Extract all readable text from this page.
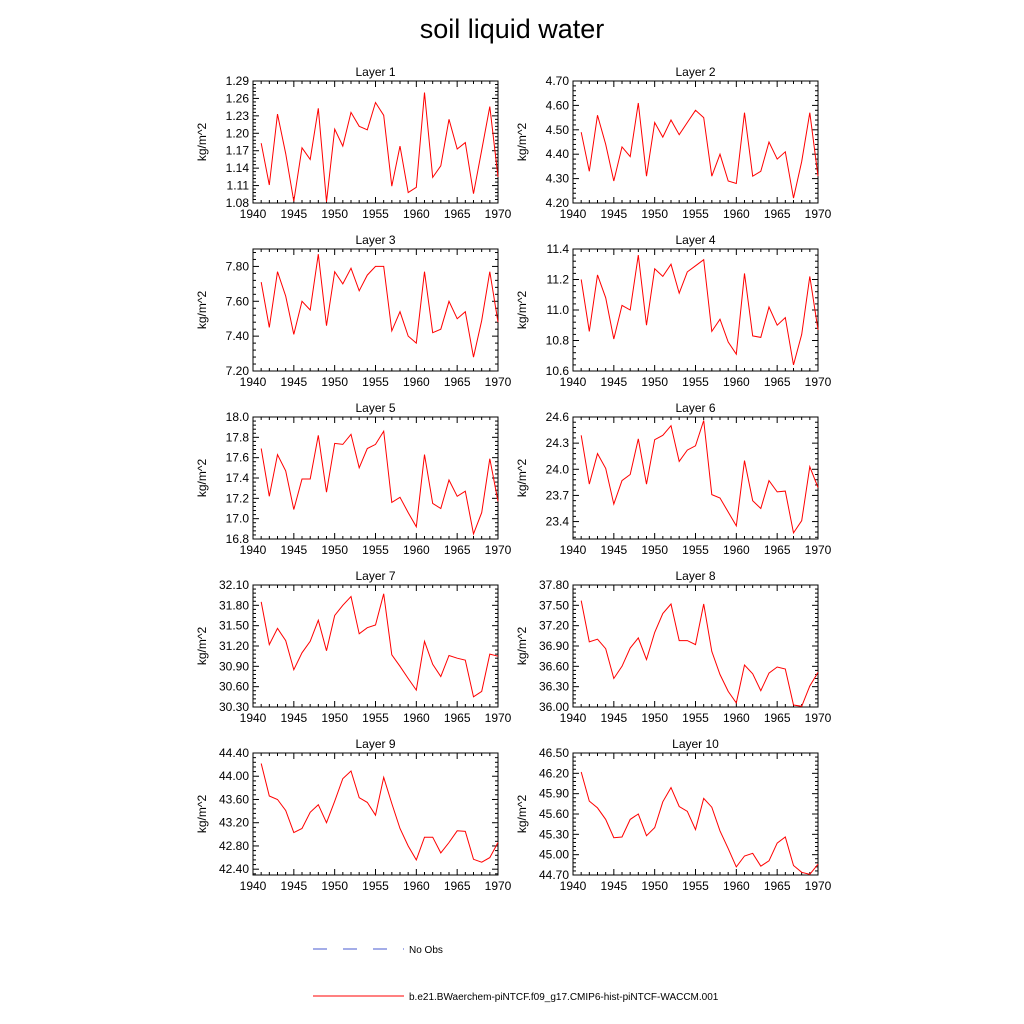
soil liquid water
Layer 1
1940 1945 1950 1955 1960 1965 1970
1.08
1.11
1.14
1.17
1.20
1.23
1.26
1.29
kg/m^2
Layer 2
1940 1945 1950 1955 1960 1965 1970
4.20
4.30
4.40
4.50
4.60
4.70
kg/m^2
Layer 3
1940 1945 1950 1955 1960 1965 1970
7.20
7.40
7.60
7.80
kg/m^2
Layer 4
1940 1945 1950 1955 1960 1965 1970
10.6
10.8
11.0
11.2
11.4
kg/m^2
Layer 5
1940 1945 1950 1955 1960 1965 1970
16.8
17.0
17.2
17.4
17.6
17.8
18.0
kg/m^2
Layer 6
1940 1945 1950 1955 1960 1965 1970
23.4
23.7
24.0
24.3
24.6
kg/m^2
Layer 7
1940 1945 1950 1955 1960 1965 1970
30.30
30.60
30.90
31.20
31.50
31.80
32.10
kg/m^2
Layer 8
1940 1945 1950 1955 1960 1965 1970
36.00
36.30
36.60
36.90
37.20
37.50
37.80
kg/m^2
Layer 9
1940 1945 1950 1955 1960 1965 1970
42.40
42.80
43.20
43.60
44.00
44.40
kg/m^2
Layer 10
1940 1945 1950 1955 1960 1965 1970
44.70
45.00
45.30
45.60
45.90
46.20
46.50
kg/m^2
No Obs
b.e21.BWaerchem-piNTCF.f09_g17.CMIP6-hist-piNTCF-WACCM.001
